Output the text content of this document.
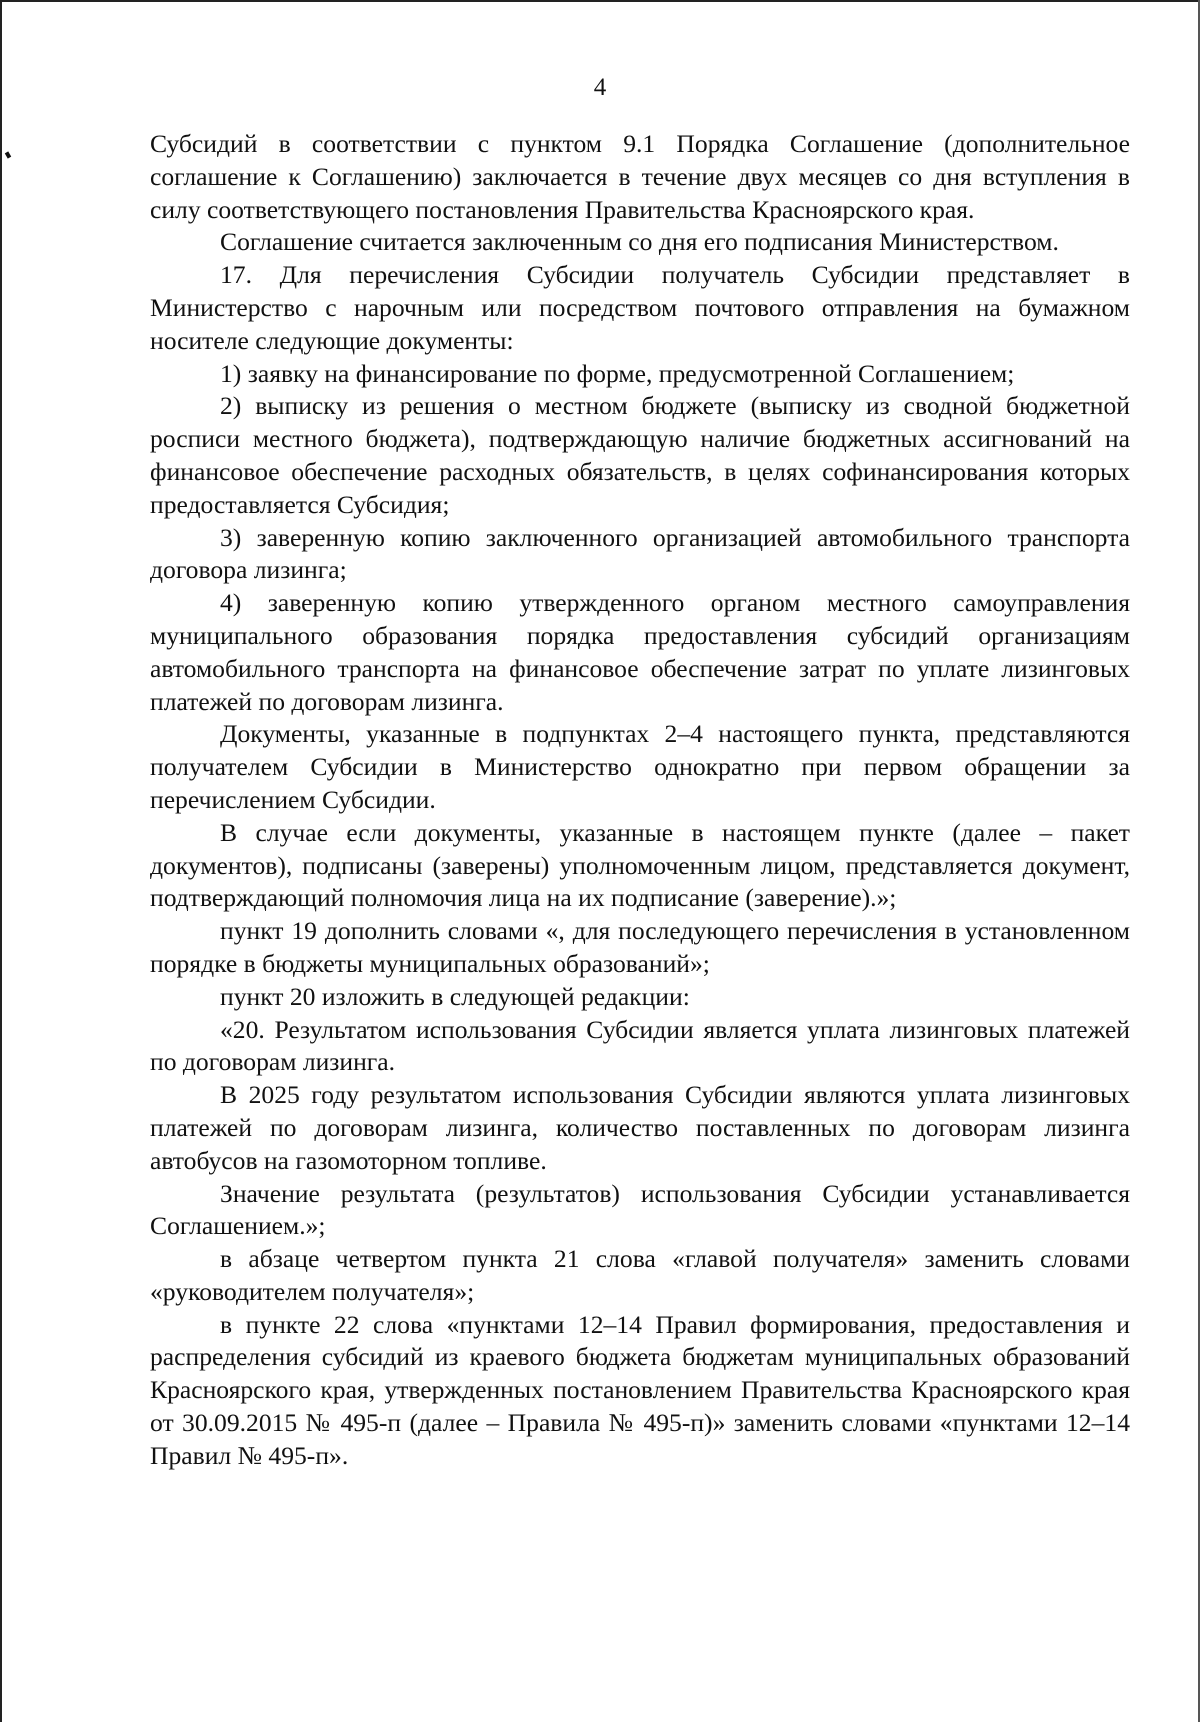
4

Субсидий в соответствии с пунктом 9.1 Порядка Соглашение (дополнительное соглашение к Соглашению) заключается в течение двух месяцев со дня вступления в силу соответствующего постановления Правительства Красноярского края.

Соглашение считается заключенным со дня его подписания Министерством.

17. Для перечисления Субсидии получатель Субсидии представляет в Министерство с нарочным или посредством почтового отправления на бумажном носителе следующие документы:

1) заявку на финансирование по форме, предусмотренной Соглашением;

2) выписку из решения о местном бюджете (выписку из сводной бюджетной росписи местного бюджета), подтверждающую наличие бюджетных ассигнований на финансовое обеспечение расходных обязательств, в целях софинансирования которых предоставляется Субсидия;

3) заверенную копию заключенного организацией автомобильного транспорта договора лизинга;

4) заверенную копию утвержденного органом местного самоуправления муниципального образования порядка предоставления субсидий организациям автомобильного транспорта на финансовое обеспечение затрат по уплате лизинговых платежей по договорам лизинга.

Документы, указанные в подпунктах 2–4 настоящего пункта, представляются получателем Субсидии в Министерство однократно при первом обращении за перечислением Субсидии.

В случае если документы, указанные в настоящем пункте (далее – пакет документов), подписаны (заверены) уполномоченным лицом, представляется документ, подтверждающий полномочия лица на их подписание (заверение).»;

пункт 19 дополнить словами «, для последующего перечисления в установленном порядке в бюджеты муниципальных образований»;

пункт 20 изложить в следующей редакции:

«20. Результатом использования Субсидии является уплата лизинговых платежей по договорам лизинга.

В 2025 году результатом использования Субсидии являются уплата лизинговых платежей по договорам лизинга, количество поставленных по договорам лизинга автобусов на газомоторном топливе.

Значение результата (результатов) использования Субсидии устанавливается Соглашением.»;

в абзаце четвертом пункта 21 слова «главой получателя» заменить словами «руководителем получателя»;

в пункте 22 слова «пунктами 12–14 Правил формирования, предоставления и распределения субсидий из краевого бюджета бюджетам муниципальных образований Красноярского края, утвержденных постановлением Правительства Красноярского края от 30.09.2015 № 495-п (далее – Правила № 495-п)» заменить словами «пунктами 12–14 Правил № 495-п».
